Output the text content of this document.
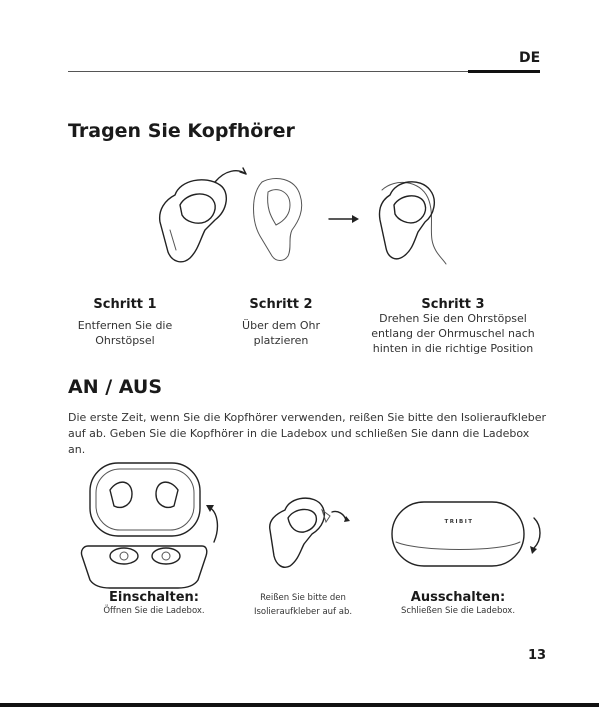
DE
Tragen Sie Kopfhörer
TRIBIT
Schritt 1	Schritt 2	Schritt 3
Entfernen Sie die
Ohrstöpsel
Über dem Ohr
platzieren
Drehen Sie den Ohrstöpsel
entlang der Ohrmuschel nach
hinten in die richtige Position
AN / AUS
Die erste Zeit, wenn Sie die Kopfhörer verwenden, reißen Sie bitte den Isolieraufkleber
auf ab. Geben Sie die Kopfhörer in die Ladebox und schließen Sie dann die Ladebox an.
Einschalten:
Öffnen Sie die Ladebox.
Reißen Sie bitte den
Isolieraufkleber auf ab.
Ausschalten:
Schließen Sie die Ladebox.
13
